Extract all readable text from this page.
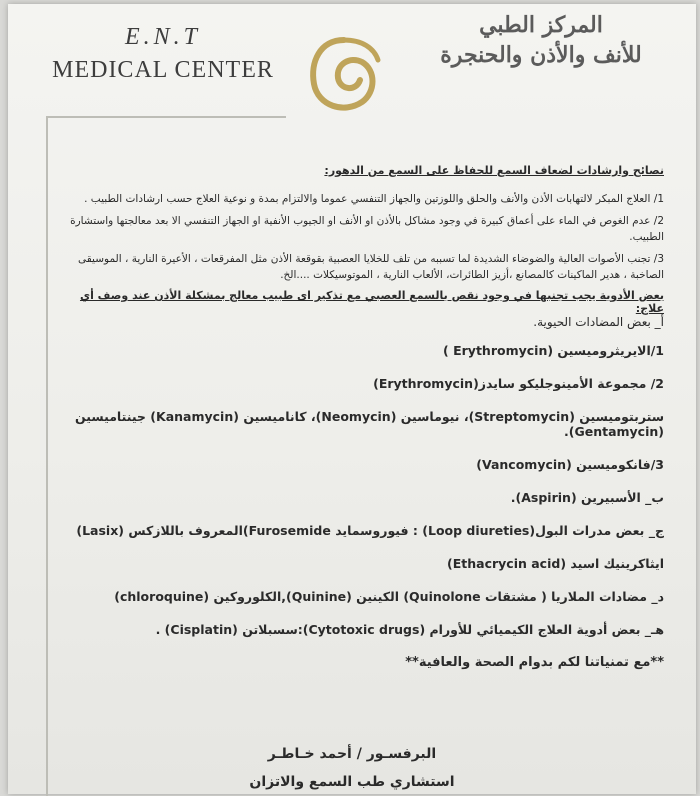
E.N.T
MEDICAL CENTER
المركز الطبي
للأنف والأذن والحنجرة
نصائح وارشادات لضعاف السمع للحفاظ على السمع من الدهور:

1/ العلاج المبكر لالتهابات الأذن والأنف والحلق واللوزتين والجهاز التنفسي عموما والالتزام بمدة و نوعية العلاج حسب ارشادات الطبيب .

2/ عدم الغوص في الماء على أعماق كبيرة في وجود مشاكل بالأذن او الأنف او الجيوب الأنفية او الجهاز التنفسي الا بعد معالجتها واستشارة الطبيب.

3/ تجنب الأصوات العالية والضوضاء الشديدة لما تسببه من تلف للخلايا العصبية بقوقعة الأذن مثل المفرقعات ، الأعيرة النارية ، الموسيقى الصاخبة ، هدير الماكينات كالمصانع ،أزيز الطائرات، الألعاب النارية ، الموتوسيكلات ....الخ.

بعض الأدوية يجب تجنبها في وجود نقص بالسمع العصبي مع تذكير اى طبيب معالج بمشكلة الأذن عند وصف أي علاج:
أ_ بعض المضادات الحيوية.
1/الايريثروميسين (Erythromycin )
2/ مجموعة الأمينوجليكو سايدز(Erythromycin)
ستربتوميسين (Streptomycin)، نيوماسين (Neomycin)، كاناميسين (Kanamycin) جينتاميسين (Gentamycin).
3/فانكوميسين (Vancomycin)
ب_ الأسبيرين (Aspirin).
ج_ بعض مدرات البول(Loop diureties) : فيوروسمايد Furosemide)المعروف باللازكس (Lasix)
ايثاكرينيك اسيد (Ethacrycin acid)
د_ مضادات الملاريا ( مشتقات Quinolone) الكينين (Quinine),الكلوروكين (chloroquine)
هـ_ بعض أدوية العلاج الكيميائي للأورام (Cytotoxic drugs):سسبلاتن (Cisplatin) .
**مع تمنياتنا لكم بدوام الصحة والعافية**
البرفسـور / أحمد خـاطـر
استشاري طب السمع والاتزان
